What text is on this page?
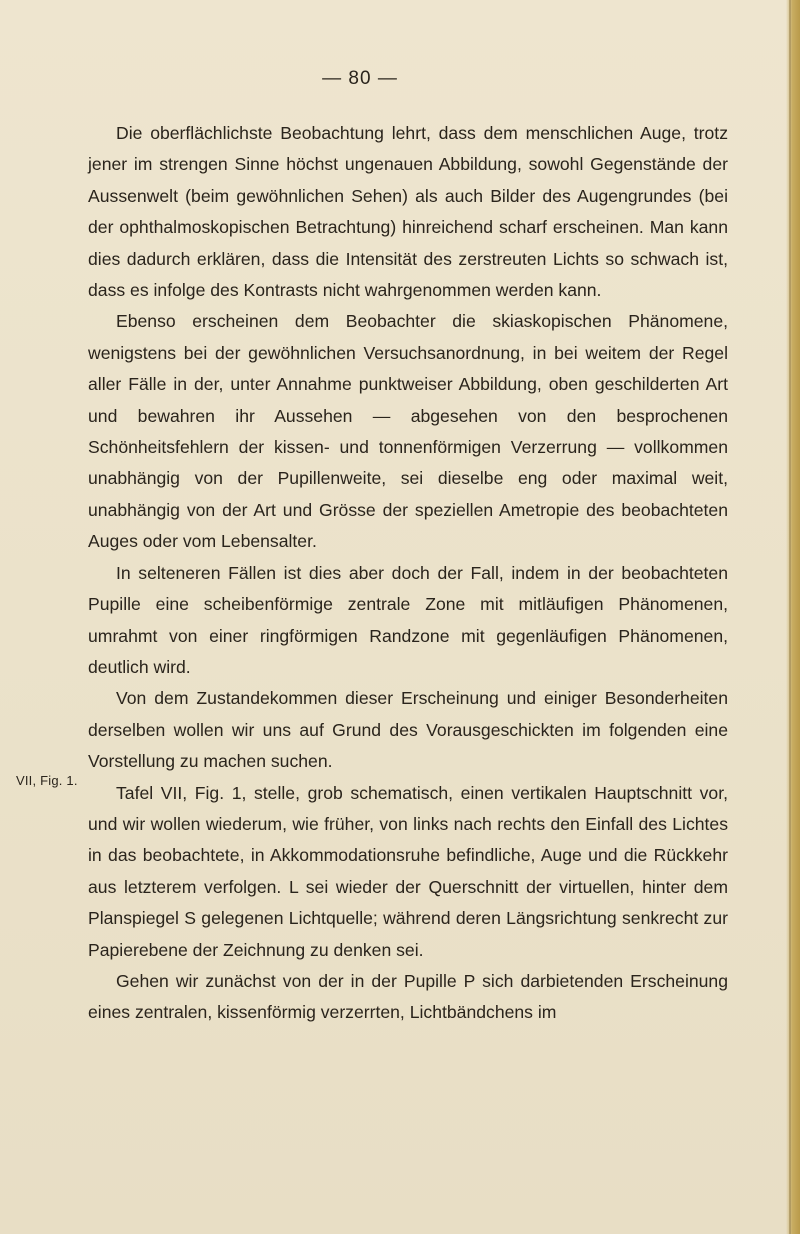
— 80 —
VII, Fig. 1.

Die oberflächlichste Beobachtung lehrt, dass dem menschlichen Auge, trotz jener im strengen Sinne höchst ungenauen Abbildung, sowohl Gegenstände der Aussenwelt (beim gewöhnlichen Sehen) als auch Bilder des Augengrundes (bei der ophthalmoskopischen Betrachtung) hinreichend scharf erscheinen. Man kann dies dadurch erklären, dass die Intensität des zerstreuten Lichts so schwach ist, dass es infolge des Kontrasts nicht wahrgenommen werden kann.

Ebenso erscheinen dem Beobachter die skiaskopischen Phänomene, wenigstens bei der gewöhnlichen Versuchsanordnung, in bei weitem der Regel aller Fälle in der, unter Annahme punktweiser Abbildung, oben geschilderten Art und bewahren ihr Aussehen — abgesehen von den besprochenen Schönheitsfehlern der kissen- und tonnenförmigen Verzerrung — vollkommen unabhängig von der Pupillenweite, sei dieselbe eng oder maximal weit, unabhängig von der Art und Grösse der speziellen Ametropie des beobachteten Auges oder vom Lebensalter.

In selteneren Fällen ist dies aber doch der Fall, indem in der beobachteten Pupille eine scheibenförmige zentrale Zone mit mitläufigen Phänomenen, umrahmt von einer ringförmigen Randzone mit gegenläufigen Phänomenen, deutlich wird.

Von dem Zustandekommen dieser Erscheinung und einiger Besonderheiten derselben wollen wir uns auf Grund des Vorausgeschickten im folgenden eine Vorstellung zu machen suchen.

Tafel VII, Fig. 1, stelle, grob schematisch, einen vertikalen Hauptschnitt vor, und wir wollen wiederum, wie früher, von links nach rechts den Einfall des Lichtes in das beobachtete, in Akkommodationsruhe befindliche, Auge und die Rückkehr aus letzterem verfolgen. L sei wieder der Querschnitt der virtuellen, hinter dem Planspiegel S gelegenen Lichtquelle; während deren Längsrichtung senkrecht zur Papierebene der Zeichnung zu denken sei.

Gehen wir zunächst von der in der Pupille P sich darbietenden Erscheinung eines zentralen, kissenförmig verzerrten, Lichtbändchens im
